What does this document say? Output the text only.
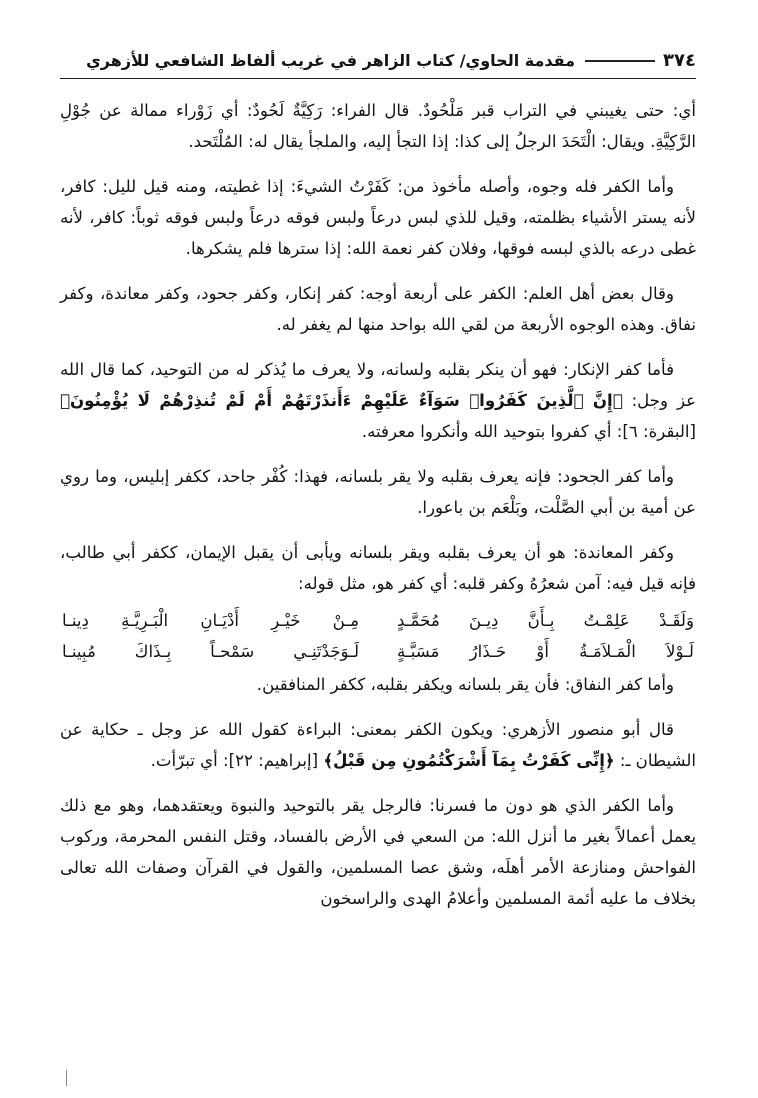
٣٧٤
مقدمة الحاوي/ كتاب الزاهر في غريب ألفاظ الشافعي للأزهري

أي: حتى يغيبني في التراب قبر مَلْحُودٌ. قال الفراء: رَكِيَّةٌ لَحُودٌ: أي زَوْراء ممالة عن جُوْلِ الرَّكِيَّةِ. ويقال: الْتَحَدَ الرجلُ إلى كذا: إذا التجأ إليه، والملجأ يقال له: المُلْتَحد.

وأما الكفر فله وجوه، وأصله مأخوذ من: كَفَرْتُ الشيءَ: إذا غطيته، ومنه قيل لليل: كافر، لأنه يستر الأشياء بظلمته، وقيل للذي لبس درعاً ولبس فوقه درعاً ولبس فوقه ثوباً: كافر، لأنه غطى درعه بالذي لبسه فوقها، وفلان كفر نعمة الله: إذا سترها فلم يشكرها.

وقال بعض أهل العلم: الكفر على أربعة أوجه: كفر إنكار، وكفر جحود، وكفر معاندة، وكفر نفاق. وهذه الوجوه الأربعة من لقي الله بواحد منها لم يغفر له.

فأما كفر الإنكار: فهو أن ينكر بقلبه ولسانه، ولا يعرف ما يُذكر له من التوحيد، كما قال الله عز وجل: ﴿إِنَّ ٱلَّذِينَ كَفَرُوا۟ سَوَآءٌ عَلَيْهِمْ ءَأَنذَرْتَهُمْ أَمْ لَمْ تُنذِرْهُمْ لَا يُؤْمِنُونَ﴾ [البقرة: ٦]: أي كفروا بتوحيد الله وأنكروا معرفته.

وأما كفر الجحود: فإنه يعرف بقلبه ولا يقر بلسانه، فهذا: كُفْر جاحد، ككفر إبليس، وما روي عن أمية بن أبي الصَّلْت، وبَلْعَم بن باعورا.

وكفر المعاندة: هو أن يعرف بقلبه ويقر بلسانه ويأبى أن يقبل الإيمان، ككفر أبي طالب، فإنه قيل فيه: آمن شعرُهُ وكفر قلبه: أي كفر هو، مثل قوله:

وَلَقَـدْ عَلِمْـتُ بِـأَنَّ دِيـنَ مُحَمَّـدٍ
مِـنْ خَيْـرِ أَدْيَـانِ الْبَـرِيَّـةِ دِينـا
لَـوْلاَ الْمَـلاَمَـةُ أَوْ حَـذَارُ مَسَبَّـةٍ
لَـوَجَدْتَنِـي سَمْحـاً بِـذَاكَ مُبِينـا

وأما كفر النفاق: فأن يقر بلسانه ويكفر بقلبه، ككفر المنافقين.

قال أبو منصور الأزهري: ويكون الكفر بمعنى: البراءة كقول الله عز وجل ـ حكاية عن الشيطان ـ: ﴿إِنِّى كَفَرْتُ بِمَآ أَشْرَكْتُمُونِ مِن قَبْلُ﴾ [إبراهيم: ٢٢]: أي تبرّأت.

وأما الكفر الذي هو دون ما فسرنا: فالرجل يقر بالتوحيد والنبوة ويعتقدهما، وهو مع ذلك يعمل أعمالاً بغير ما أنزل الله: من السعي في الأرض بالفساد، وقتل النفس المحرمة، وركوب الفواحش ومنازعة الأمر أهلَه، وشق عصا المسلمين، والقول في القرآن وصفات الله تعالى بخلاف ما عليه أئمة المسلمين وأعلامُ الهدى والراسخون
